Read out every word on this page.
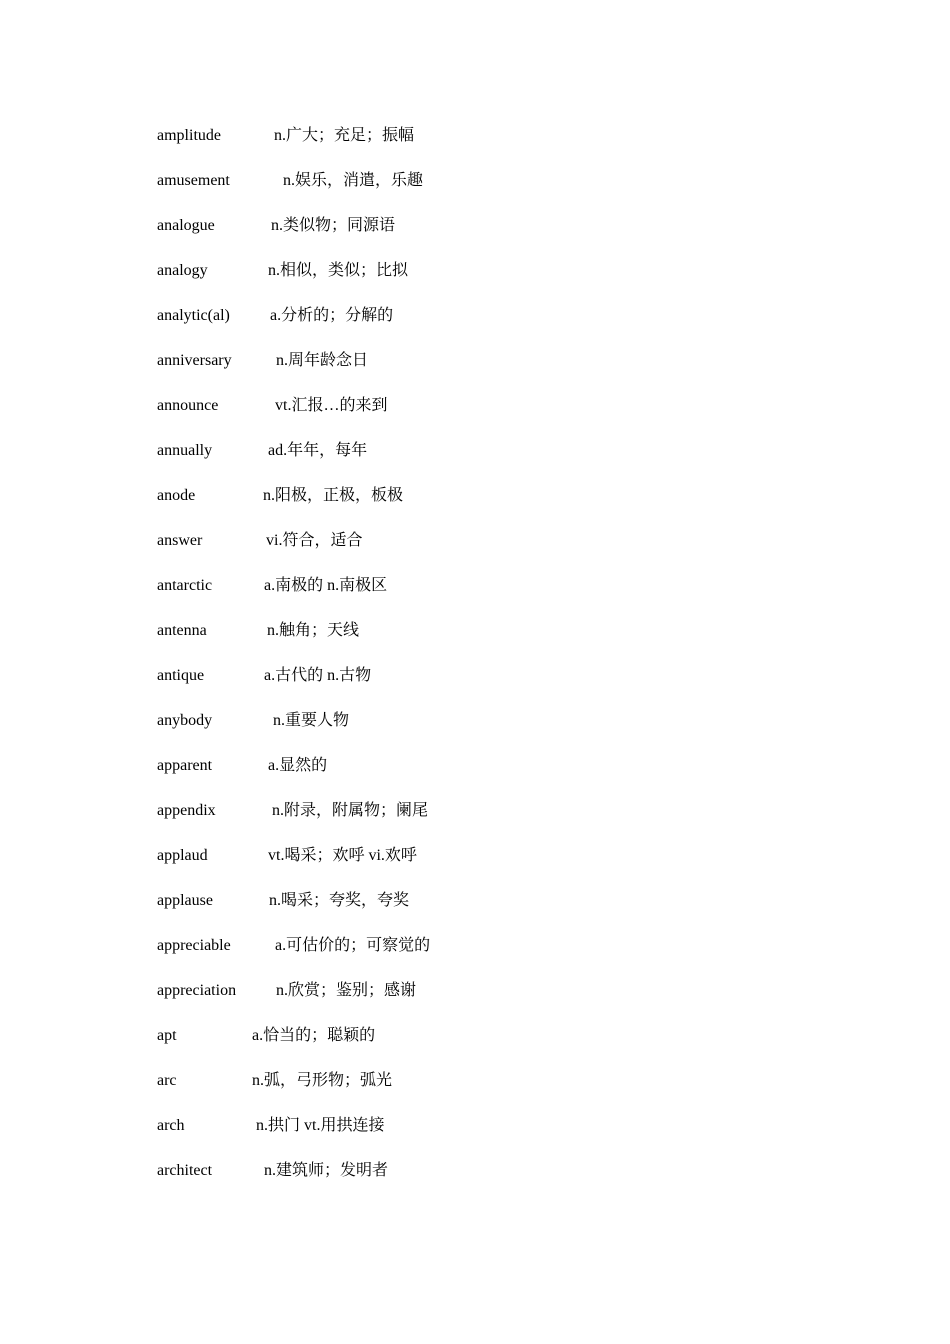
amplitude	n.广大；充足；振幅
amusement	n.娱乐，消遣，乐趣
analogue	n.类似物；同源语
analogy	n.相似，类似；比拟
analytic(al)	a.分析的；分解的
anniversary	n.周年龄念日
announce	vt.汇报…的来到
annually	ad.年年，每年
anode	n.阳极，正极，板极
answer	vi.符合，适合
antarctic	a.南极的 n.南极区
antenna	n.触角；天线
antique	a.古代的 n.古物
anybody	n.重要人物
apparent	a.显然的
appendix	n.附录，附属物；阑尾
applaud	vt.喝采；欢呼 vi.欢呼
applause	n.喝采；夸奖，夸奖
appreciable	a.可估价的；可察觉的
appreciation n.欣赏；鉴别；感谢
apt	a.恰当的；聪颖的
arc	n.弧，弓形物；弧光
arch	n.拱门 vt.用拱连接
architect	n.建筑师；发明者
